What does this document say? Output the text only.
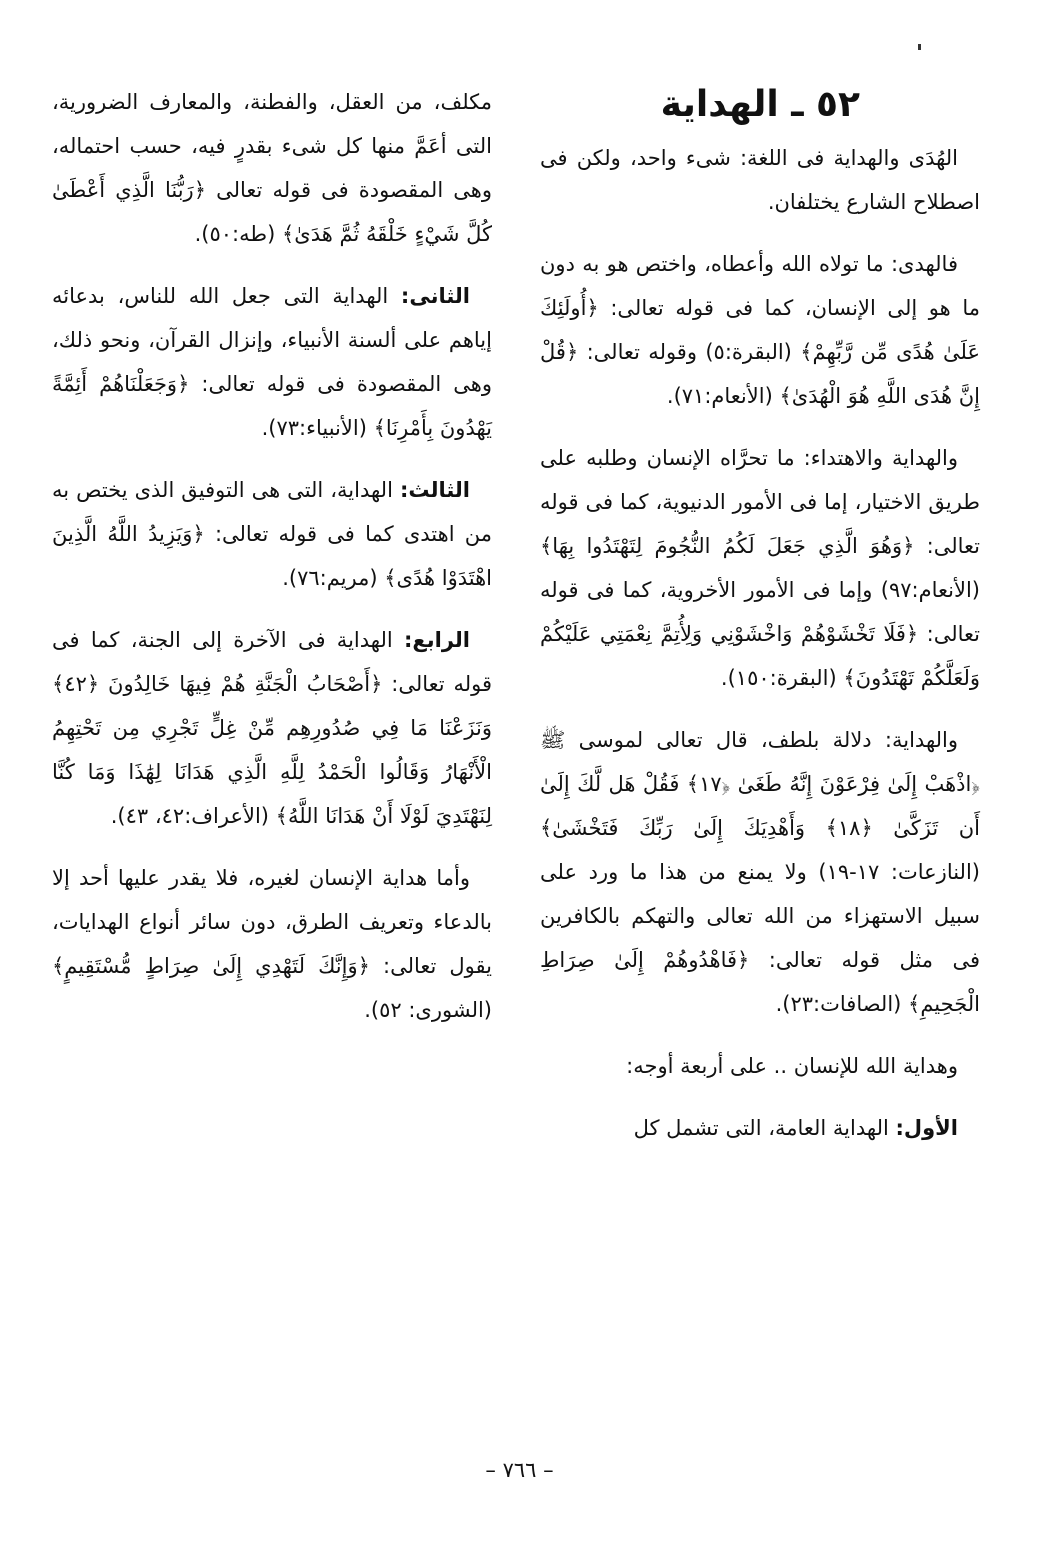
٥٢ ـ الهداية

الهُدَى والهداية فى اللغة: شىء واحد، ولكن فى اصطلاح الشارع يختلفان.

فالهدى: ما تولاه الله وأعطاه، واختص هو به دون ما هو إلى الإنسان، كما فى قوله تعالى: ﴿أُولَئِكَ عَلَىٰ هُدًى مِّن رَّبِّهِمْ﴾ (البقرة:٥) وقوله تعالى: ﴿قُلْ إِنَّ هُدَى اللَّهِ هُوَ الْهُدَىٰ﴾ (الأنعام:٧١).

والهداية والاهتداء: ما تحرَّاه الإنسان وطلبه على طريق الاختيار، إما فى الأمور الدنيوية، كما فى قوله تعالى: ﴿وَهُوَ الَّذِي جَعَلَ لَكُمُ النُّجُومَ لِتَهْتَدُوا بِهَا﴾ (الأنعام:٩٧) وإما فى الأمور الأخروية، كما فى قوله تعالى: ﴿فَلَا تَخْشَوْهُمْ وَاخْشَوْنِي وَلِأُتِمَّ نِعْمَتِي عَلَيْكُمْ وَلَعَلَّكُمْ تَهْتَدُونَ﴾ (البقرة:١٥٠).

والهداية: دلالة بلطف، قال تعالى لموسى ﷺ ﴿اذْهَبْ إِلَىٰ فِرْعَوْنَ إِنَّهُ طَغَىٰ ﴿١٧﴾ فَقُلْ هَل لَّكَ إِلَىٰ أَن تَزَكَّىٰ ﴿١٨﴾ وَأَهْدِيَكَ إِلَىٰ رَبِّكَ فَتَخْشَىٰ﴾ (النازعات: ١٧-١٩) ولا يمنع من هذا ما ورد على سبيل الاستهزاء من الله تعالى والتهكم بالكافرين فى مثل قوله تعالى: ﴿فَاهْدُوهُمْ إِلَىٰ صِرَاطِ الْجَحِيمِ﴾ (الصافات:٢٣).

وهداية الله للإنسان .. على أربعة أوجه:

الأول: الهداية العامة، التى تشمل كل

مكلف، من العقل، والفطنة، والمعارف الضرورية، التى أعَمَّ منها كل شىء بقدرٍ فيه، حسب احتماله، وهى المقصودة فى قوله تعالى ﴿رَبُّنَا الَّذِي أَعْطَىٰ كُلَّ شَيْءٍ خَلْقَهُ ثُمَّ هَدَىٰ﴾ (طه:٥٠).

الثانى: الهداية التى جعل الله للناس، بدعائه إياهم على ألسنة الأنبياء، وإنزال القرآن، ونحو ذلك، وهى المقصودة فى قوله تعالى: ﴿وَجَعَلْنَاهُمْ أَئِمَّةً يَهْدُونَ بِأَمْرِنَا﴾ (الأنبياء:٧٣).

الثالث: الهداية، التى هى التوفيق الذى يختص به من اهتدى كما فى قوله تعالى: ﴿وَيَزِيدُ اللَّهُ الَّذِينَ اهْتَدَوْا هُدًى﴾ (مريم:٧٦).

الرابع: الهداية فى الآخرة إلى الجنة، كما فى قوله تعالى: ﴿أَصْحَابُ الْجَنَّةِ هُمْ فِيهَا خَالِدُونَ ﴿٤٢﴾ وَنَزَعْنَا مَا فِي صُدُورِهِم مِّنْ غِلٍّ تَجْرِي مِن تَحْتِهِمُ الْأَنْهَارُ وَقَالُوا الْحَمْدُ لِلَّهِ الَّذِي هَدَانَا لِهَٰذَا وَمَا كُنَّا لِنَهْتَدِيَ لَوْلَا أَنْ هَدَانَا اللَّهُ﴾ (الأعراف:٤٢، ٤٣).

وأما هداية الإنسان لغيره، فلا يقدر عليها أحد إلا بالدعاء وتعريف الطرق، دون سائر أنواع الهدايات، يقول تعالى: ﴿وَإِنَّكَ لَتَهْدِي إِلَىٰ صِرَاطٍ مُّسْتَقِيمٍ﴾ (الشورى: ٥٢).

– ٧٦٦ –
